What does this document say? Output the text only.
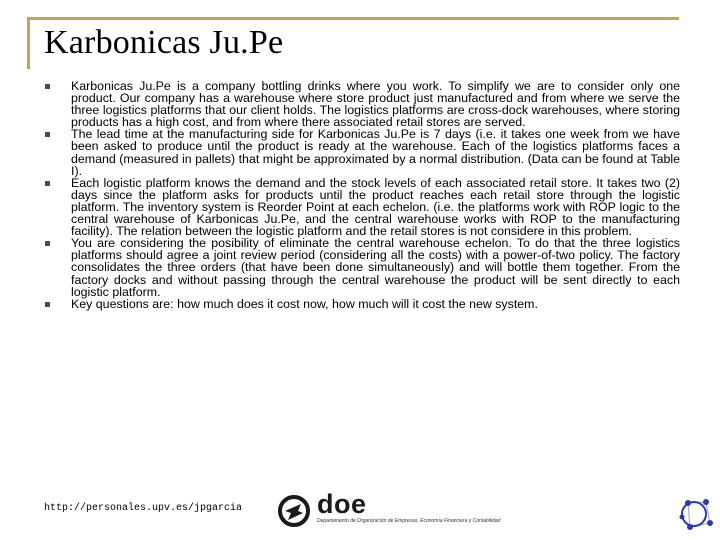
Karbonicas Ju.Pe
Karbonicas Ju.Pe is a company bottling drinks where you work. To simplify we are to consider only one product. Our company has a warehouse where store product just manufactured and from where we serve the three logistics platforms that our client holds. The logistics platforms are cross-dock warehouses, where storing products has a high cost, and from where there associated retail stores are served.
The lead time at the manufacturing side for Karbonicas Ju.Pe is 7 days (i.e. it takes one week from we have been asked to produce until the product is ready at the warehouse. Each of the logistics platforms faces a demand (measured in pallets) that might be approximated by a normal distribution. (Data can be found at Table I).
Each logistic platform knows the demand and the stock levels of each associated retail store. It takes two (2) days since the platform asks for products until the product reaches each retail store through the logistic platform. The inventory system is Reorder Point at each echelon. (i.e. the platforms work with ROP logic to the central warehouse of Karbonicas Ju.Pe, and the central warehouse works with ROP to the manufacturing facility). The relation between the logistic platform and the retail stores is not considere in this problem.
You are considering the posibility of eliminate the central warehouse echelon. To do that the three logistics platforms should agree a joint review period (considering all the costs) with a power-of-two policy. The factory consolidates the three orders (that have been done simultaneously) and will bottle them together. From the factory docks and without passing through the central warehouse the product will be sent directly to each logistic platform.
Key questions are: how much does it cost now, how much will it cost the new system.
http://personales.upv.es/jpgarcia	doe
Departamento de Organización de Empresas, Economía Financiera y Contabilidad
